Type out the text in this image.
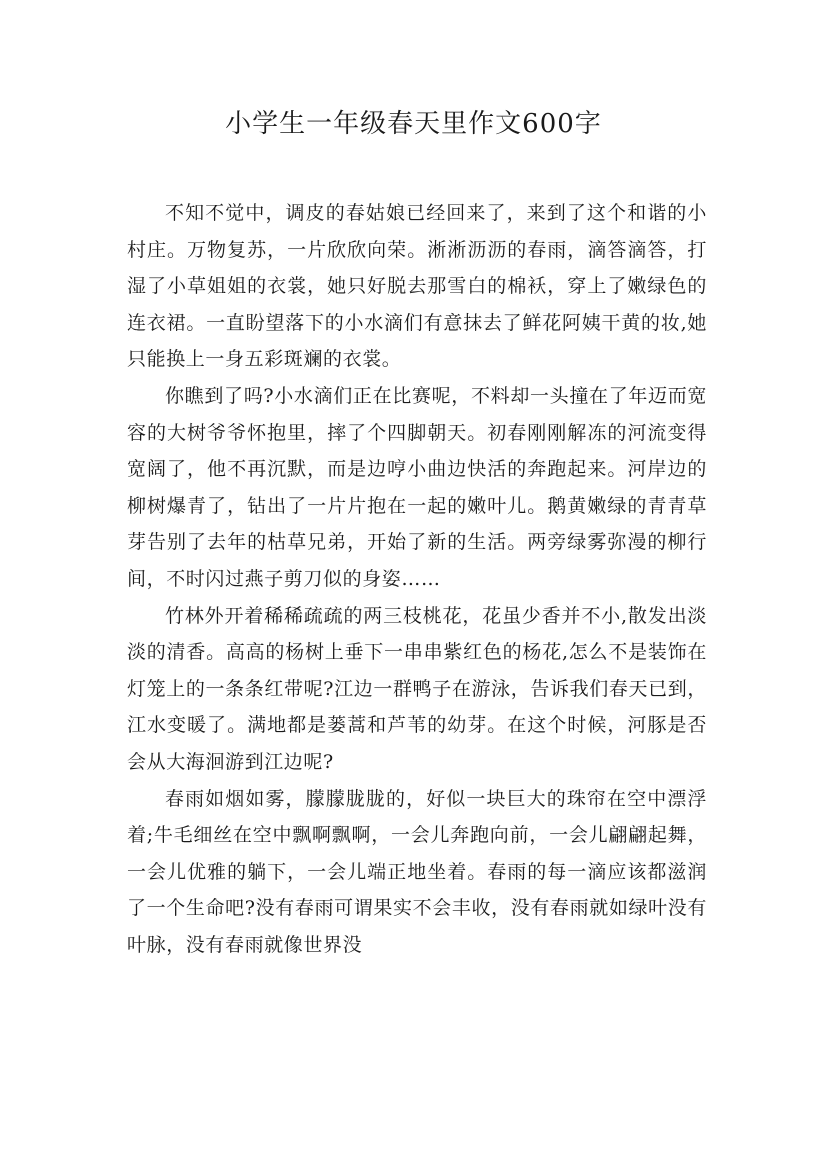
小学生一年级春天里作文600字

不知不觉中，调皮的春姑娘已经回来了，来到了这个和谐的小村庄。万物复苏，一片欣欣向荣。淅淅沥沥的春雨，滴答滴答，打湿了小草姐姐的衣裳，她只好脱去那雪白的棉袄，穿上了嫩绿色的连衣裙。一直盼望落下的小水滴们有意抹去了鲜花阿姨干黄的妆,她只能换上一身五彩斑斓的衣裳。

你瞧到了吗?小水滴们正在比赛呢，不料却一头撞在了年迈而宽容的大树爷爷怀抱里，摔了个四脚朝天。初春刚刚解冻的河流变得宽阔了，他不再沉默，而是边哼小曲边快活的奔跑起来。河岸边的柳树爆青了，钻出了一片片抱在一起的嫩叶儿。鹅黄嫩绿的青青草芽告别了去年的枯草兄弟，开始了新的生活。两旁绿雾弥漫的柳行间，不时闪过燕子剪刀似的身姿……

竹林外开着稀稀疏疏的两三枝桃花，花虽少香并不小,散发出淡淡的清香。高高的杨树上垂下一串串紫红色的杨花,怎么不是装饰在灯笼上的一条条红带呢?江边一群鸭子在游泳，告诉我们春天已到，江水变暖了。满地都是蒌蒿和芦苇的幼芽。在这个时候，河豚是否会从大海洄游到江边呢?

春雨如烟如雾，朦朦胧胧的，好似一块巨大的珠帘在空中漂浮着;牛毛细丝在空中飘啊飘啊，一会儿奔跑向前，一会儿翩翩起舞，一会儿优雅的躺下，一会儿端正地坐着。春雨的每一滴应该都滋润了一个生命吧?没有春雨可谓果实不会丰收，没有春雨就如绿叶没有叶脉，没有春雨就像世界没
